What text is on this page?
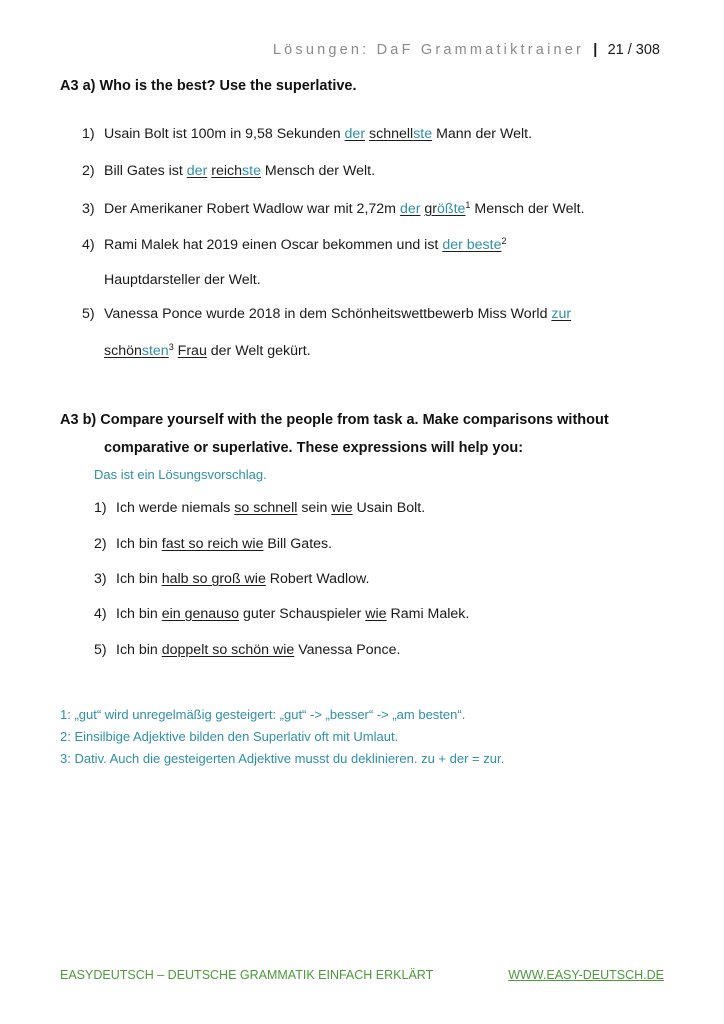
Lösungen: DaF Grammatiktrainer | 21 / 308
A3 a) Who is the best? Use the superlative.
1) Usain Bolt ist 100m in 9,58 Sekunden der schnellste Mann der Welt.
2) Bill Gates ist der reichste Mensch der Welt.
3) Der Amerikaner Robert Wadlow war mit 2,72m der größte$^1$ Mensch der Welt.
4) Rami Malek hat 2019 einen Oscar bekommen und ist der beste$^2$
Hauptdarsteller der Welt.
5) Vanessa Ponce wurde 2018 in dem Schönheitswettbewerb Miss World zur
schönsten$^3$ Frau der Welt gekürt.
A3 b) Compare yourself with the people from task a. Make comparisons without
comparative or superlative. These expressions will help you:
Das ist ein Lösungsvorschlag.
1) Ich werde niemals so schnell sein wie Usain Bolt.
2) Ich bin fast so reich wie Bill Gates.
3) Ich bin halb so groß wie Robert Wadlow.
4) Ich bin ein genauso guter Schauspieler wie Rami Malek.
5) Ich bin doppelt so schön wie Vanessa Ponce.
1: „gut“ wird unregelmäßig gesteigert: „gut“ -> „besser“ -> „am besten“.
2: Einsilbige Adjektive bilden den Superlativ oft mit Umlaut.
3: Dativ. Auch die gesteigerten Adjektive musst du deklinieren. zu + der = zur.
EASYDEUTSCH – DEUTSCHE GRAMMATIK EINFACH ERKLÄRT	WWW.EASY-DEUTSCH.DE
